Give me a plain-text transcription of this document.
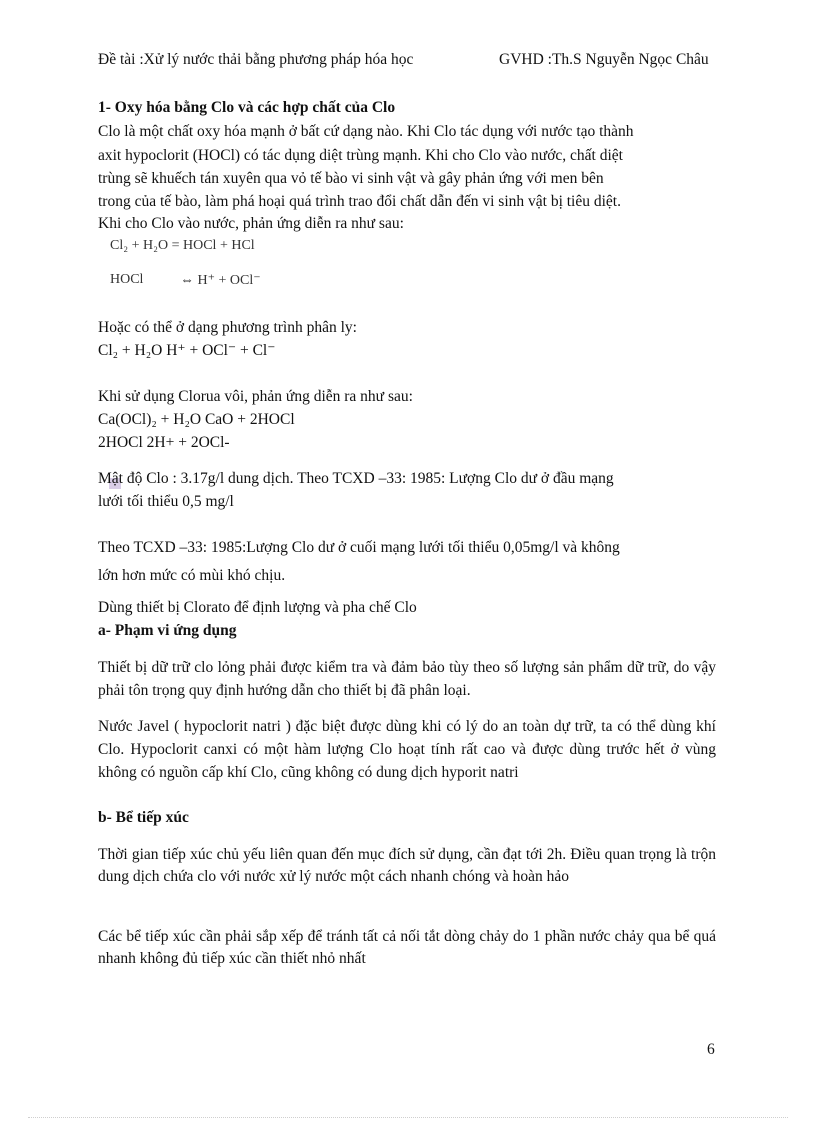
Đề tài :Xử lý nước thải bằng phương pháp hóa học	GVHD :Th.S Nguyễn Ngọc Châu
1- Oxy hóa bằng Clo và các hợp chất của Clo
Clo là một chất oxy hóa mạnh ở bất cứ dạng nào. Khi Clo tác dụng với nước tạo thành
axit hypoclorit (HOCl) có tác dụng diệt trùng mạnh. Khi cho Clo vào nước, chất diệt
trùng sẽ khuếch tán xuyên qua vỏ tế bào vi sinh vật và gây phản ứng với men bên
trong của tế bào, làm phá hoại quá trình trao đổi chất dẫn đến vi sinh vật bị tiêu diệt.
Khi cho Clo vào nước, phản ứng diễn ra như sau:
Cl₂ + H₂O = HOCl + HCl
HOCl	⇔ H⁺ + OCl⁻
Hoặc có thể ở dạng phương trình phân ly:
Cl₂ + H₂O H⁺ + OCl⁻ + Cl⁻
Khi sử dụng Clorua vôi, phản ứng diễn ra như sau:
Ca(OCl)₂ + H₂O CaO + 2HOCl
2HOCl 2H+ + 2OCl-
Mật độ Clo : 3.17g/l dung dịch. Theo TCXD –33: 1985: Lượng Clo dư ở đầu mạng
lưới tối thiểu 0,5 mg/l
Theo TCXD –33: 1985:Lượng Clo dư ở cuối mạng lưới tối thiểu 0,05mg/l và không
lớn hơn mức có mùi khó chịu.
Dùng thiết bị Clorato để định lượng và pha chế Clo
a- Phạm vi ứng dụng
Thiết bị dữ trữ clo lỏng phải được kiểm tra và đảm bảo tùy theo số lượng sản phẩm dữ trữ, do vậy phải tôn trọng quy định hướng dẫn cho thiết bị đã phân loại.
Nước Javel ( hypoclorit natri ) đặc biệt được dùng khi có lý do an toàn dự trữ, ta có thể dùng khí Clo. Hypoclorit canxi có một hàm lượng Clo hoạt tính rất cao và được dùng trước hết ở vùng không có nguồn cấp khí Clo, cũng không có dung dịch hyporit natri
b- Bể tiếp xúc
Thời gian tiếp xúc chủ yếu liên quan đến mục đích sử dụng, cần đạt tới 2h. Điều quan trọng là trộn dung dịch chứa clo với nước xử lý nước một cách nhanh chóng và hoàn hảo
Các bể tiếp xúc cần phải sắp xếp để tránh tất cả nối tắt dòng chảy do 1 phần nước chảy qua bể quá nhanh không đủ tiếp xúc cần thiết nhỏ nhất
6
